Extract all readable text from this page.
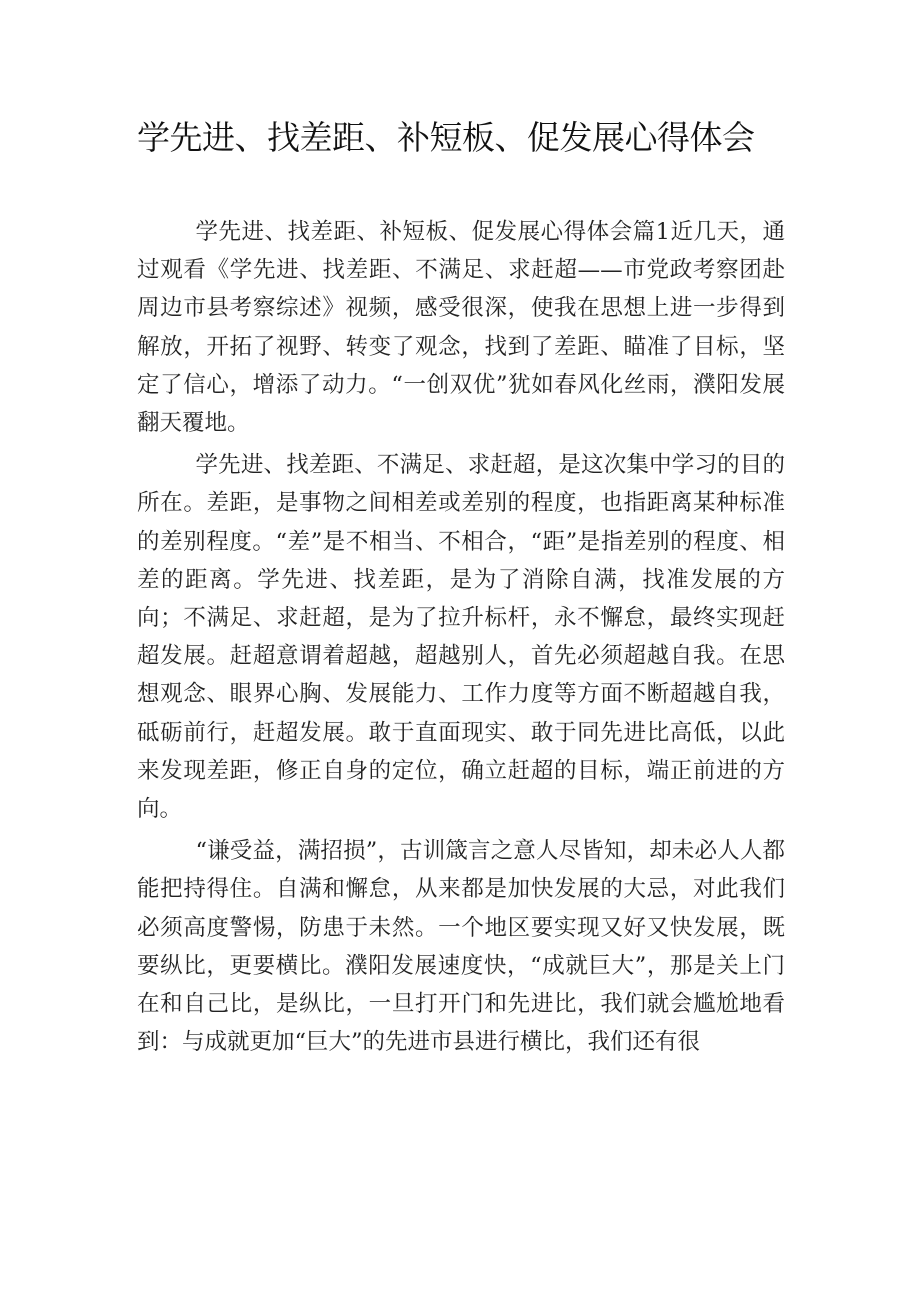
学先进、找差距、补短板、促发展心得体会

学先进、找差距、补短板、促发展心得体会篇1近几天，通过观看《学先进、找差距、不满足、求赶超——市党政考察团赴周边市县考察综述》视频，感受很深，使我在思想上进一步得到解放，开拓了视野、转变了观念，找到了差距、瞄准了目标，坚定了信心，增添了动力。“一创双优”犹如春风化丝雨，濮阳发展翻天覆地。

学先进、找差距、不满足、求赶超，是这次集中学习的目的所在。差距，是事物之间相差或差别的程度，也指距离某种标准的差别程度。“差”是不相当、不相合，“距”是指差别的程度、相差的距离。学先进、找差距，是为了消除自满，找准发展的方向；不满足、求赶超，是为了拉升标杆，永不懈怠，最终实现赶超发展。赶超意谓着超越，超越别人，首先必须超越自我。在思想观念、眼界心胸、发展能力、工作力度等方面不断超越自我，砥砺前行，赶超发展。敢于直面现实、敢于同先进比高低，以此来发现差距，修正自身的定位，确立赶超的目标，端正前进的方向。

“谦受益，满招损”，古训箴言之意人尽皆知，却未必人人都能把持得住。自满和懈怠，从来都是加快发展的大忌，对此我们必须高度警惕，防患于未然。一个地区要实现又好又快发展，既要纵比，更要横比。濮阳发展速度快，“成就巨大”，那是关上门在和自己比，是纵比，一旦打开门和先进比，我们就会尴尬地看到：与成就更加“巨大”的先进市县进行横比，我们还有很
